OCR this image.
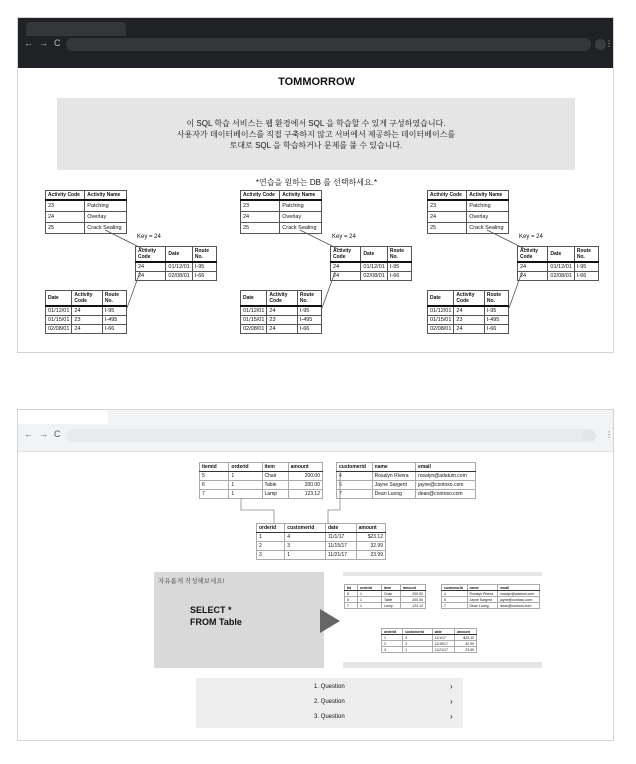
← → C	⋮
TOMMORROW
이 SQL 학습 서비스는 웹 환경에서 SQL 을 학습할 수 있게 구성하였습니다.
사용자가 데이터베이스를 직접 구축하지 않고 서버에서 제공하는 데이터베이스를
토대로 SQL 을 학습하거나 문제를 풀 수 있습니다.
*연습을 원하는 DB 를 선택하세요.*
Activity Code	Activity Name
23	Patching
24	Overlay
25	Crack Sealing
Activity Code	Date	Route No.
24	01/12/01	I-95
24	02/08/01	I-66
Date	Activity Code	Route No.
01/12/01	24	I-95
01/15/01	23	I-495
02/08/01	24	I-66
Key = 24
Activity Code	Activity Name
23	Patching
24	Overlay
25	Crack Sealing
Activity Code	Date	Route No.
24	01/12/01	I-95
24	02/08/01	I-66
Date	Activity Code	Route No.
01/12/01	24	I-95
01/15/01	23	I-495
02/08/01	24	I-66
Key = 24
Activity Code	Activity Name
23	Patching
24	Overlay
25	Crack Sealing
Activity Code	Date	Route No.
24	01/12/01	I-95
24	02/08/01	I-66
Date	Activity Code	Route No.
01/12/01	24	I-95
01/15/01	23	I-495
02/08/01	24	I-66
Key = 24
← → C	⋮
itemid	orderid	item	amount
5	1	Chair	200.00
6	1	Table	200.00
7	1	Lamp	123.12
customerid	name	email
4	Rosalyn Rivera	rosalyn@adatum.com
6	Jayne Sargent	jayne@contoso.com
7	Dean Luong	dean@contoso.com
orderid	customerid	date	amount
1	4	11/1/17	$23.12
2	3	11/15/17	32.99
3	1	11/21/17	23.99
자유롭게 작성해보세요!
SELECT *
FROM Table
tid	orderid	item	amount
5	1	Chair	200.00
6	1	Table	200.00
7	1	Lamp	123.12
customerid	name	email
4	Rosalyn Rivera	rosalyn@adatum.com
6	Jayne Sargent	jayne@contoso.com
7	Dean Luong	dean@contoso.com
orderid	customerid	date	amount
1	4	11/1/17	$23.12
2	3	11/15/17	32.99
3	1	11/21/17	23.99
1. Question	›
2. Question	›
3. Question	›
